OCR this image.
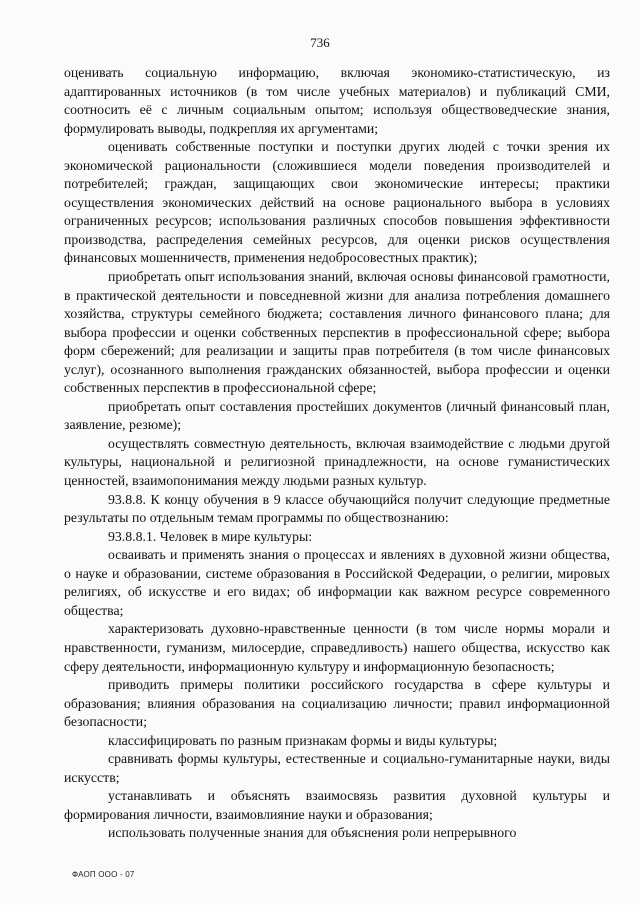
736

оценивать социальную информацию, включая экономико-статистическую, из адаптированных источников (в том числе учебных материалов) и публикаций СМИ, соотносить её с личным социальным опытом; используя обществоведческие знания, формулировать выводы, подкрепляя их аргументами;

оценивать собственные поступки и поступки других людей с точки зрения их экономической рациональности (сложившиеся модели поведения производителей и потребителей; граждан, защищающих свои экономические интересы; практики осуществления экономических действий на основе рационального выбора в условиях ограниченных ресурсов; использования различных способов повышения эффективности производства, распределения семейных ресурсов, для оценки рисков осуществления финансовых мошенничеств, применения недобросовестных практик);

приобретать опыт использования знаний, включая основы финансовой грамотности, в практической деятельности и повседневной жизни для анализа потребления домашнего хозяйства, структуры семейного бюджета; составления личного финансового плана; для выбора профессии и оценки собственных перспектив в профессиональной сфере; выбора форм сбережений; для реализации и защиты прав потребителя (в том числе финансовых услуг), осознанного выполнения гражданских обязанностей, выбора профессии и оценки собственных перспектив в профессиональной сфере;

приобретать опыт составления простейших документов (личный финансовый план, заявление, резюме);

осуществлять совместную деятельность, включая взаимодействие с людьми другой культуры, национальной и религиозной принадлежности, на основе гуманистических ценностей, взаимопонимания между людьми разных культур.

93.8.8. К концу обучения в 9 классе обучающийся получит следующие предметные результаты по отдельным темам программы по обществознанию:

93.8.8.1. Человек в мире культуры:

осваивать и применять знания о процессах и явлениях в духовной жизни общества, о науке и образовании, системе образования в Российской Федерации, о религии, мировых религиях, об искусстве и его видах; об информации как важном ресурсе современного общества;

характеризовать духовно-нравственные ценности (в том числе нормы морали и нравственности, гуманизм, милосердие, справедливость) нашего общества, искусство как сферу деятельности, информационную культуру и информационную безопасность;

приводить примеры политики российского государства в сфере культуры и образования; влияния образования на социализацию личности; правил информационной безопасности;

классифицировать по разным признакам формы и виды культуры;

сравнивать формы культуры, естественные и социально-гуманитарные науки, виды искусств;

устанавливать и объяснять взаимосвязь развития духовной культуры и формирования личности, взаимовлияние науки и образования;

использовать полученные знания для объяснения роли непрерывного

ФАОП ООО - 07
